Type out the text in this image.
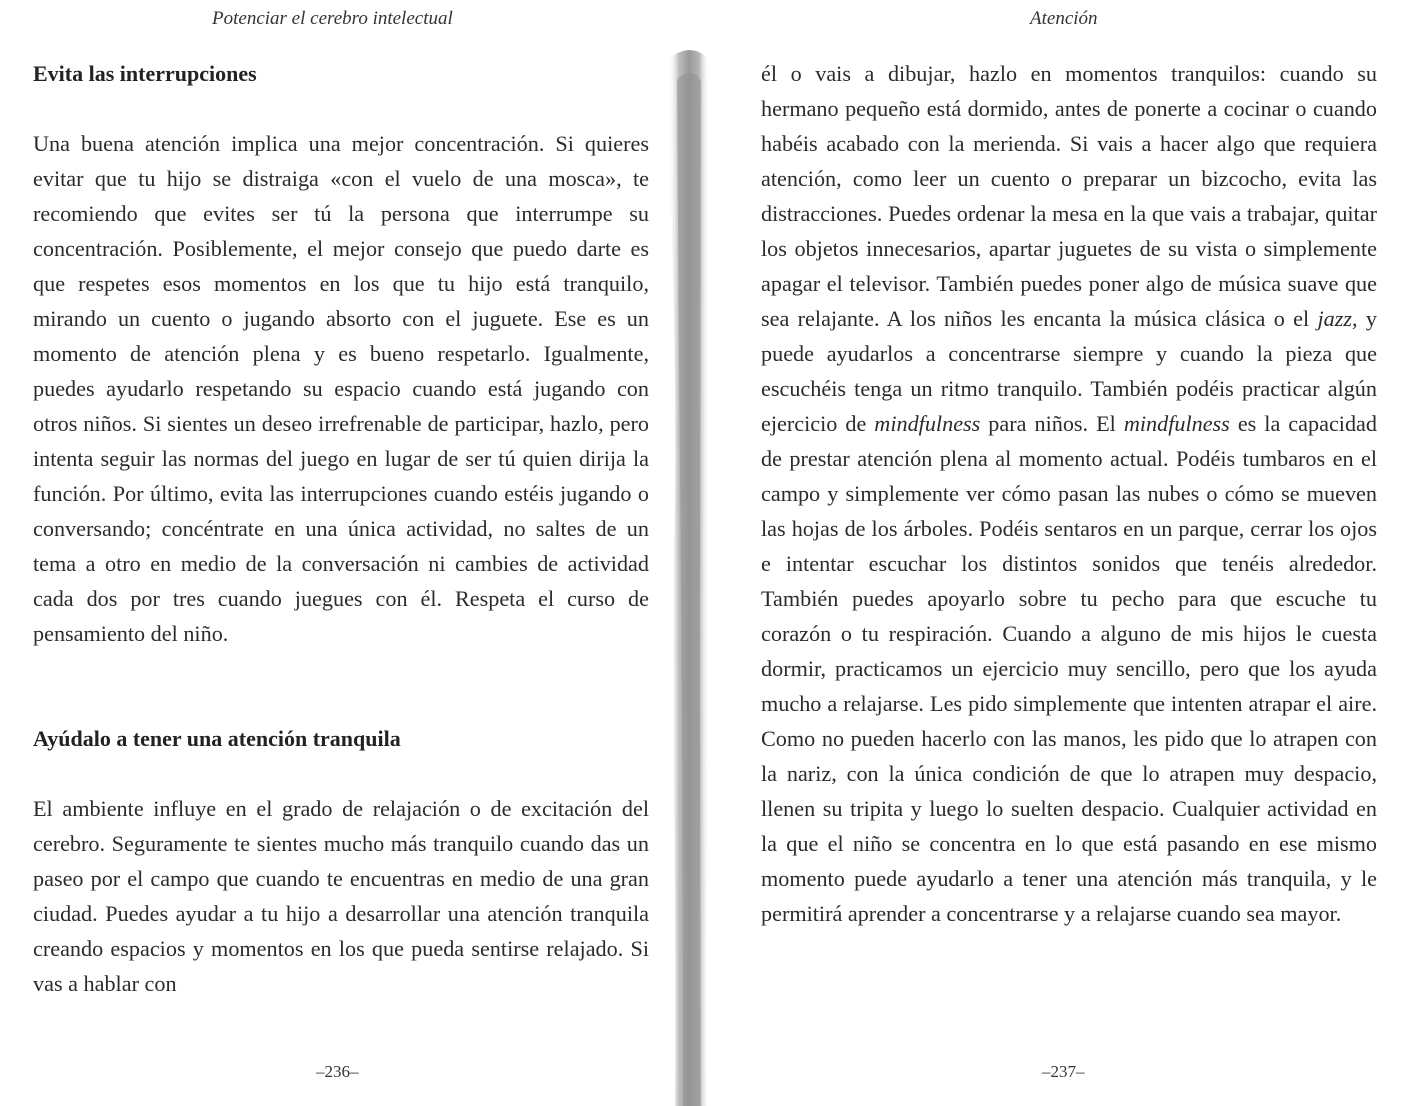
Potenciar el cerebro intelectual
Evita las interrupciones

Una buena atención implica una mejor concentración. Si quieres evitar que tu hijo se distraiga «con el vuelo de una mosca», te recomiendo que evites ser tú la persona que interrumpe su concentración. Posiblemente, el mejor consejo que puedo darte es que respetes esos momentos en los que tu hijo está tranquilo, mirando un cuento o jugando absorto con el juguete. Ese es un momento de atención plena y es bueno respetarlo. Igualmente, puedes ayudarlo respetando su espacio cuando está jugando con otros niños. Si sientes un deseo irrefrenable de participar, hazlo, pero intenta seguir las normas del juego en lugar de ser tú quien dirija la función. Por último, evita las interrupciones cuando estéis jugando o conversando; concéntrate en una única actividad, no saltes de un tema a otro en medio de la conversación ni cambies de actividad cada dos por tres cuando juegues con él. Respeta el curso de pensamiento del niño.

Ayúdalo a tener una atención tranquila

El ambiente influye en el grado de relajación o de excitación del cerebro. Seguramente te sientes mucho más tranquilo cuando das un paseo por el campo que cuando te encuentras en medio de una gran ciudad. Puedes ayudar a tu hijo a desarrollar una atención tranquila creando espacios y momentos en los que pueda sentirse relajado. Si vas a hablar con

–236–
Atención

él o vais a dibujar, hazlo en momentos tranquilos: cuando su hermano pequeño está dormido, antes de ponerte a cocinar o cuando habéis acabado con la merienda. Si vais a hacer algo que requiera atención, como leer un cuento o preparar un bizcocho, evita las distracciones. Puedes ordenar la mesa en la que vais a trabajar, quitar los objetos innecesarios, apartar juguetes de su vista o simplemente apagar el televisor. También puedes poner algo de música suave que sea relajante. A los niños les encanta la música clásica o el jazz, y puede ayudarlos a concentrarse siempre y cuando la pieza que escuchéis tenga un ritmo tranquilo. También podéis practicar algún ejercicio de mindfulness para niños. El mindfulness es la capacidad de prestar atención plena al momento actual. Podéis tumbaros en el campo y simplemente ver cómo pasan las nubes o cómo se mueven las hojas de los árboles. Podéis sentaros en un parque, cerrar los ojos e intentar escuchar los distintos sonidos que tenéis alrededor. También puedes apoyarlo sobre tu pecho para que escuche tu corazón o tu respiración. Cuando a alguno de mis hijos le cuesta dormir, practicamos un ejercicio muy sencillo, pero que los ayuda mucho a relajarse. Les pido simplemente que intenten atrapar el aire. Como no pueden hacerlo con las manos, les pido que lo atrapen con la nariz, con la única condición de que lo atrapen muy despacio, llenen su tripita y luego lo suelten despacio. Cualquier actividad en la que el niño se concentra en lo que está pasando en ese mismo momento puede ayudarlo a tener una atención más tranquila, y le permitirá aprender a concentrarse y a relajarse cuando sea mayor.

–237–
